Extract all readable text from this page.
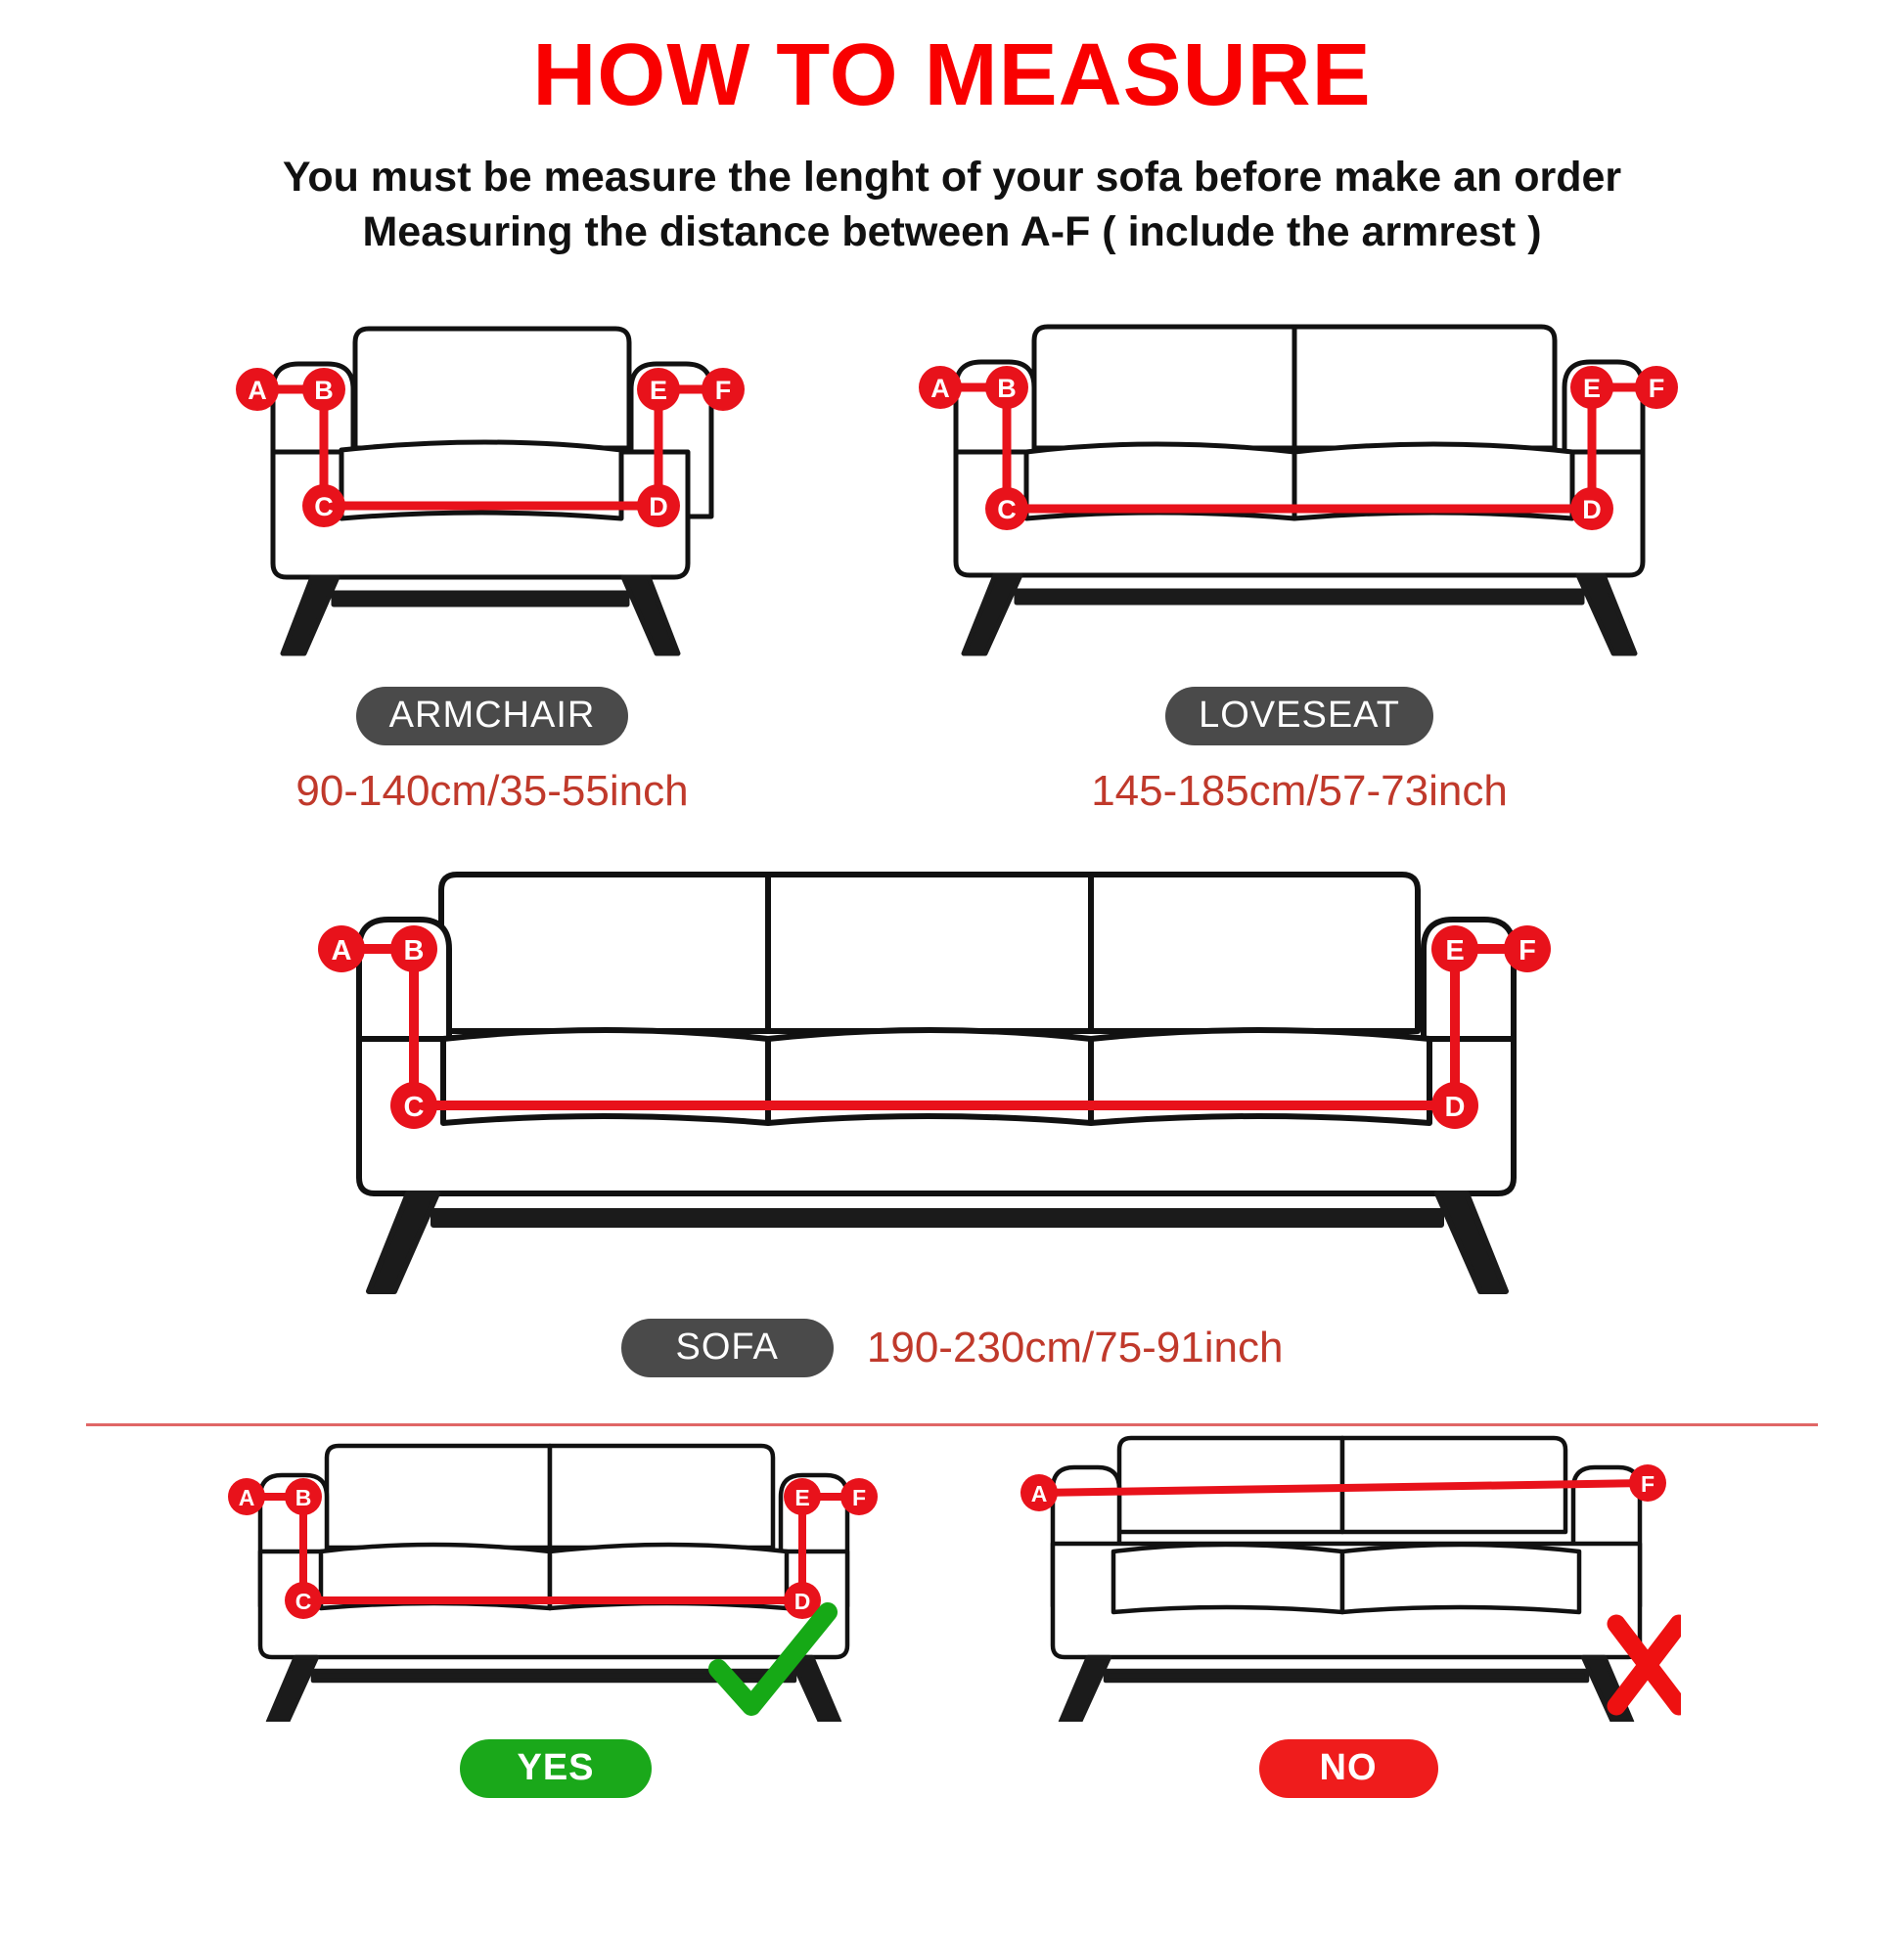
HOW TO MEASURE
You must be measure the lenght of your sofa before make an order
Measuring the distance between A-F ( include the armrest )
A B
C	D
E F
ARMCHAIR
90-140cm/35-55inch
A B
C	D
E F
LOVESEAT
145-185cm/57-73inch
A B
C	D
E F
SOFA	190-230cm/75-91inch
A B
C	D
E F
YES
A	F
NO
